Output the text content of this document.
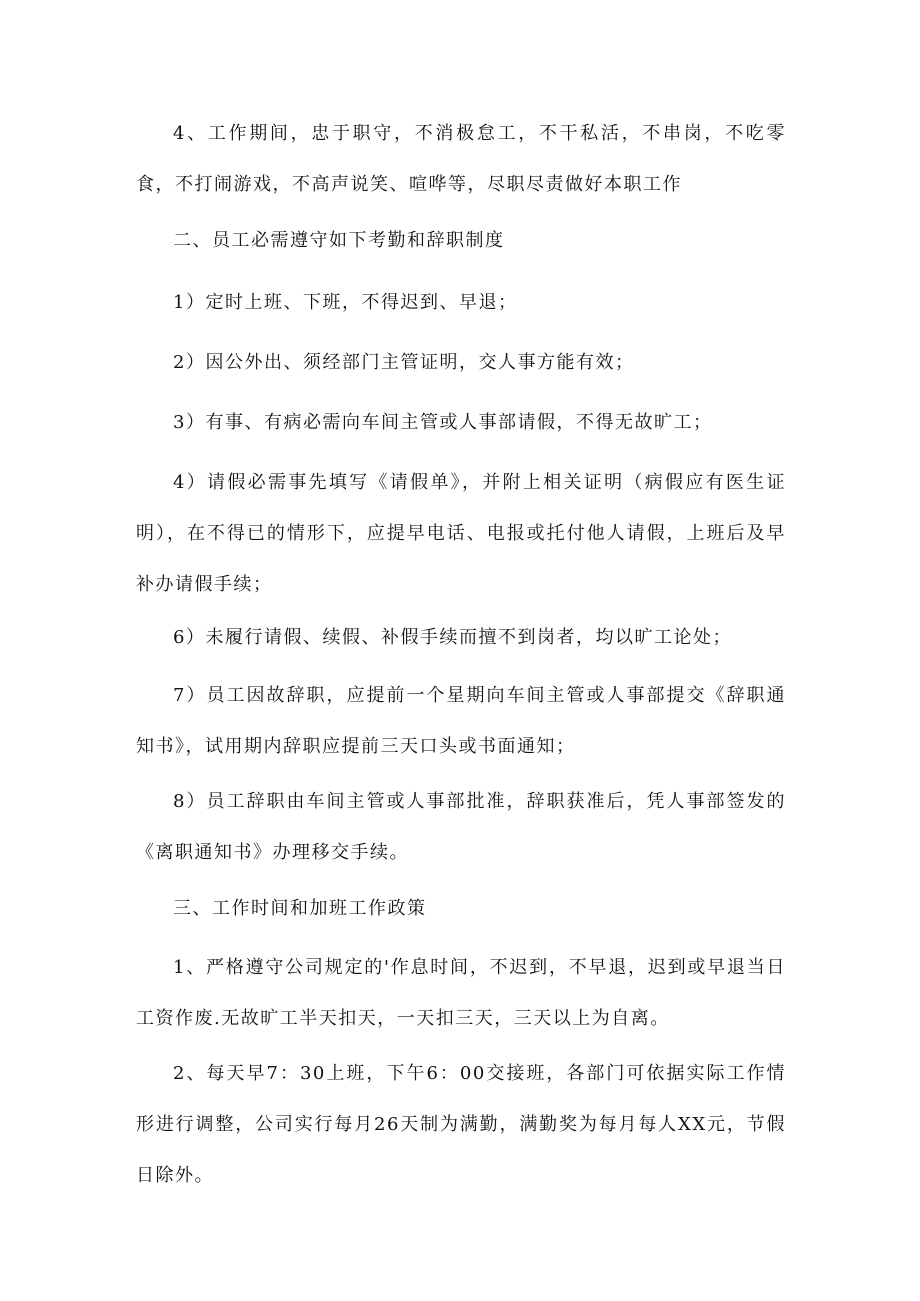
4、工作期间，忠于职守，不消极怠工，不干私活，不串岗，不吃零食，不打闹游戏，不高声说笑、喧哗等，尽职尽责做好本职工作

二、员工必需遵守如下考勤和辞职制度

1）定时上班、下班，不得迟到、早退；

2）因公外出、须经部门主管证明，交人事方能有效；

3）有事、有病必需向车间主管或人事部请假，不得无故旷工；

4）请假必需事先填写《请假单》，并附上相关证明（病假应有医生证明），在不得已的情形下，应提早电话、电报或托付他人请假，上班后及早补办请假手续；

6）未履行请假、续假、补假手续而擅不到岗者，均以旷工论处；

7）员工因故辞职，应提前一个星期向车间主管或人事部提交《辞职通知书》，试用期内辞职应提前三天口头或书面通知；

8）员工辞职由车间主管或人事部批准，辞职获准后，凭人事部签发的《离职通知书》办理移交手续。

三、工作时间和加班工作政策

1、严格遵守公司规定的'作息时间，不迟到，不早退，迟到或早退当日工资作废.无故旷工半天扣天，一天扣三天，三天以上为自离。

2、每天早7：30上班，下午6：00交接班，各部门可依据实际工作情形进行调整，公司实行每月26天制为满勤，满勤奖为每月每人XX元，节假日除外。
